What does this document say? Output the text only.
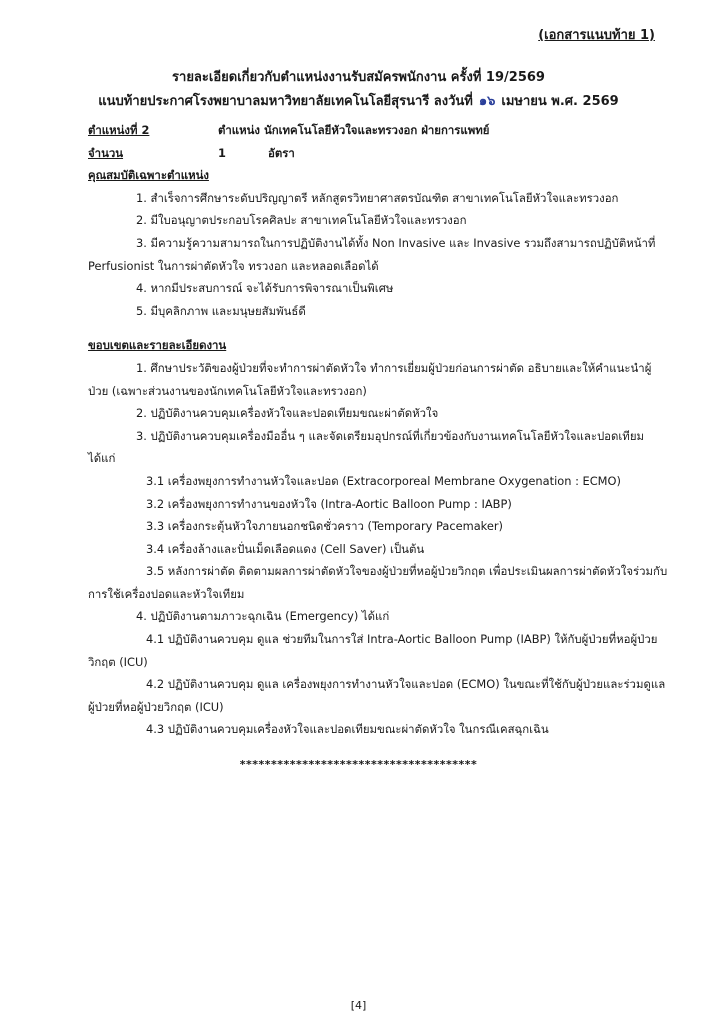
(เอกสารแนบท้าย 1)
รายละเอียดเกี่ยวกับตำแหน่งงานรับสมัครพนักงาน ครั้งที่ 19/2569
แนบท้ายประกาศโรงพยาบาลมหาวิทยาลัยเทคโนโลยีสุรนารี ลงวันที่ ๑๖ เมษายน พ.ศ. 2569
ตำแหน่งที่ 2	ตำแหน่ง นักเทคโนโลยีหัวใจและทรวงอก ฝ่ายการแพทย์
จำนวน	1	อัตรา
คุณสมบัติเฉพาะตำแหน่ง
1. สำเร็จการศึกษาระดับปริญญาตรี หลักสูตรวิทยาศาสตรบัณฑิต สาขาเทคโนโลยีหัวใจและทรวงอก
2. มีใบอนุญาตประกอบโรคศิลปะ สาขาเทคโนโลยีหัวใจและทรวงอก
3. มีความรู้ความสามารถในการปฏิบัติงานได้ทั้ง Non Invasive และ Invasive รวมถึงสามารถปฏิบัติหน้าที่ Perfusionist ในการผ่าตัดหัวใจ ทรวงอก และหลอดเลือดได้
4. หากมีประสบการณ์ จะได้รับการพิจารณาเป็นพิเศษ
5. มีบุคลิกภาพ และมนุษยสัมพันธ์ดี
ขอบเขตและรายละเอียดงาน
1. ศึกษาประวัติของผู้ป่วยที่จะทำการผ่าตัดหัวใจ ทำการเยี่ยมผู้ป่วยก่อนการผ่าตัด อธิบายและให้คำแนะนำผู้ป่วย (เฉพาะส่วนงานของนักเทคโนโลยีหัวใจและทรวงอก)
2. ปฏิบัติงานควบคุมเครื่องหัวใจและปอดเทียมขณะผ่าตัดหัวใจ
3. ปฏิบัติงานควบคุมเครื่องมืออื่น ๆ และจัดเตรียมอุปกรณ์ที่เกี่ยวข้องกับงานเทคโนโลยีหัวใจและปอดเทียม ได้แก่
3.1 เครื่องพยุงการทำงานหัวใจและปอด (Extracorporeal Membrane Oxygenation : ECMO)
3.2 เครื่องพยุงการทำงานของหัวใจ (Intra-Aortic Balloon Pump : IABP)
3.3 เครื่องกระตุ้นหัวใจภายนอกชนิดชั่วคราว (Temporary Pacemaker)
3.4 เครื่องล้างและปั่นเม็ดเลือดแดง (Cell Saver) เป็นต้น
3.5 หลังการผ่าตัด ติดตามผลการผ่าตัดหัวใจของผู้ป่วยที่หอผู้ป่วยวิกฤต เพื่อประเมินผลการผ่าตัดหัวใจร่วมกับการใช้เครื่องปอดและหัวใจเทียม
4. ปฏิบัติงานตามภาวะฉุกเฉิน (Emergency) ได้แก่
4.1 ปฏิบัติงานควบคุม ดูแล ช่วยทีมในการใส่ Intra-Aortic Balloon Pump (IABP) ให้กับผู้ป่วยที่หอผู้ป่วยวิกฤต (ICU)
4.2 ปฏิบัติงานควบคุม ดูแล เครื่องพยุงการทำงานหัวใจและปอด (ECMO) ในขณะที่ใช้กับผู้ป่วยและร่วมดูแลผู้ป่วยที่หอผู้ป่วยวิกฤต (ICU)
4.3 ปฏิบัติงานควบคุมเครื่องหัวใจและปอดเทียมขณะผ่าตัดหัวใจ ในกรณีเคสฉุกเฉิน
**************************************
[4]
